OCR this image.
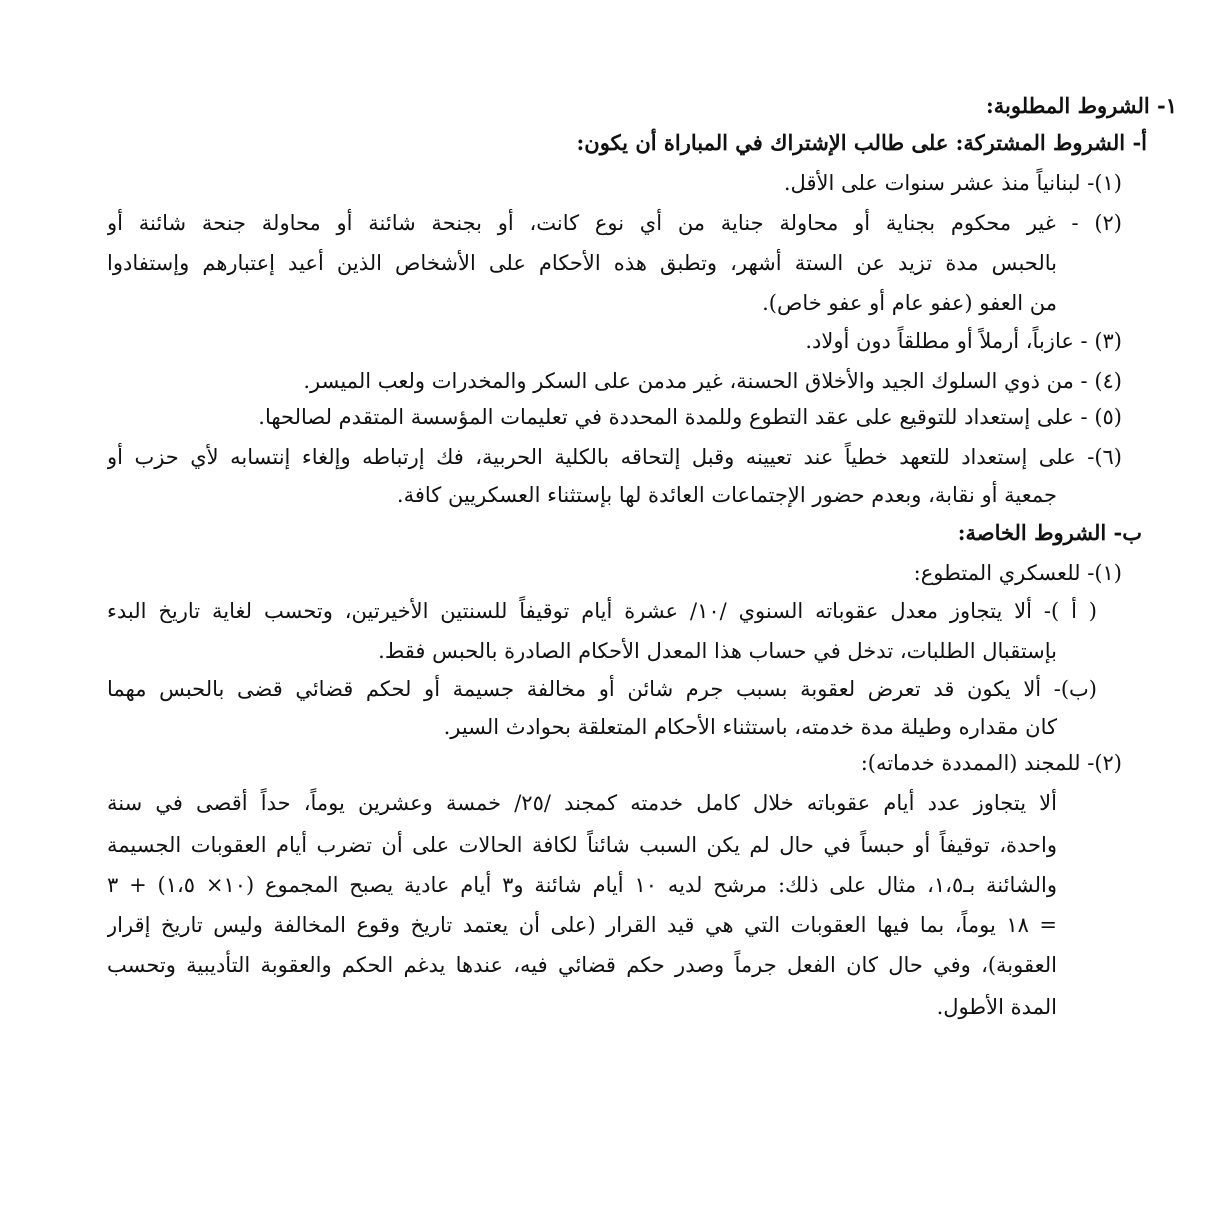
١- الشروط المطلوبة:
أ- الشروط المشتركة: على طالب الإشتراك في المباراة أن يكون:
(١)- لبنانياً منذ عشر سنوات على الأقل.
(٢) - غير محكوم بجناية أو محاولة جناية من أي نوع كانت، أو بجنحة شائنة أو محاولة جنحة شائنة أو
بالحبس مدة تزيد عن الستة أشهر، وتطبق هذه الأحكام على الأشخاص الذين أعيد إعتبارهم وإستفادوا
من العفو (عفو عام أو عفو خاص).
(٣) - عازباً، أرملاً أو مطلقاً دون أولاد.
(٤) - من ذوي السلوك الجيد والأخلاق الحسنة، غير مدمن على السكر والمخدرات ولعب الميسر.
(٥) - على إستعداد للتوقيع على عقد التطوع وللمدة المحددة في تعليمات المؤسسة المتقدم لصالحها.
(٦)- على إستعداد للتعهد خطياً عند تعيينه وقبل إلتحاقه بالكلية الحربية، فك إرتباطه وإلغاء إنتسابه لأي حزب أو
جمعية أو نقابة، وبعدم حضور الإجتماعات العائدة لها بإستثناء العسكريين كافة.
ب- الشروط الخاصة:
(١)- للعسكري المتطوع:
( أ )- ألا يتجاوز معدل عقوباته السنوي /١٠/ عشرة أيام توقيفاً للسنتين الأخيرتين، وتحسب لغاية تاريخ البدء
بإستقبال الطلبات، تدخل في حساب هذا المعدل الأحكام الصادرة بالحبس فقط.
(ب)- ألا يكون قد تعرض لعقوبة بسبب جرم شائن أو مخالفة جسيمة أو لحكم قضائي قضى بالحبس مهما
كان مقداره وطيلة مدة خدمته، باستثناء الأحكام المتعلقة بحوادث السير.
(٢)- للمجند (الممددة خدماته):
ألا يتجاوز عدد أيام عقوباته خلال كامل خدمته كمجند /٢٥/ خمسة وعشرين يوماً، حداً أقصى في سنة
واحدة، توقيفاً أو حبساً في حال لم يكن السبب شائناً لكافة الحالات على أن تضرب أيام العقوبات الجسيمة
والشائنة بـ١،٥، مثال على ذلك: مرشح لديه ١٠ أيام شائنة و٣ أيام عادية يصبح المجموع (١٠× ١،٥) + ٣
= ١٨ يوماً، بما فيها العقوبات التي هي قيد القرار (على أن يعتمد تاريخ وقوع المخالفة وليس تاريخ إقرار
العقوبة)، وفي حال كان الفعل جرماً وصدر حكم قضائي فيه، عندها يدغم الحكم والعقوبة التأديبية وتحسب
المدة الأطول.
